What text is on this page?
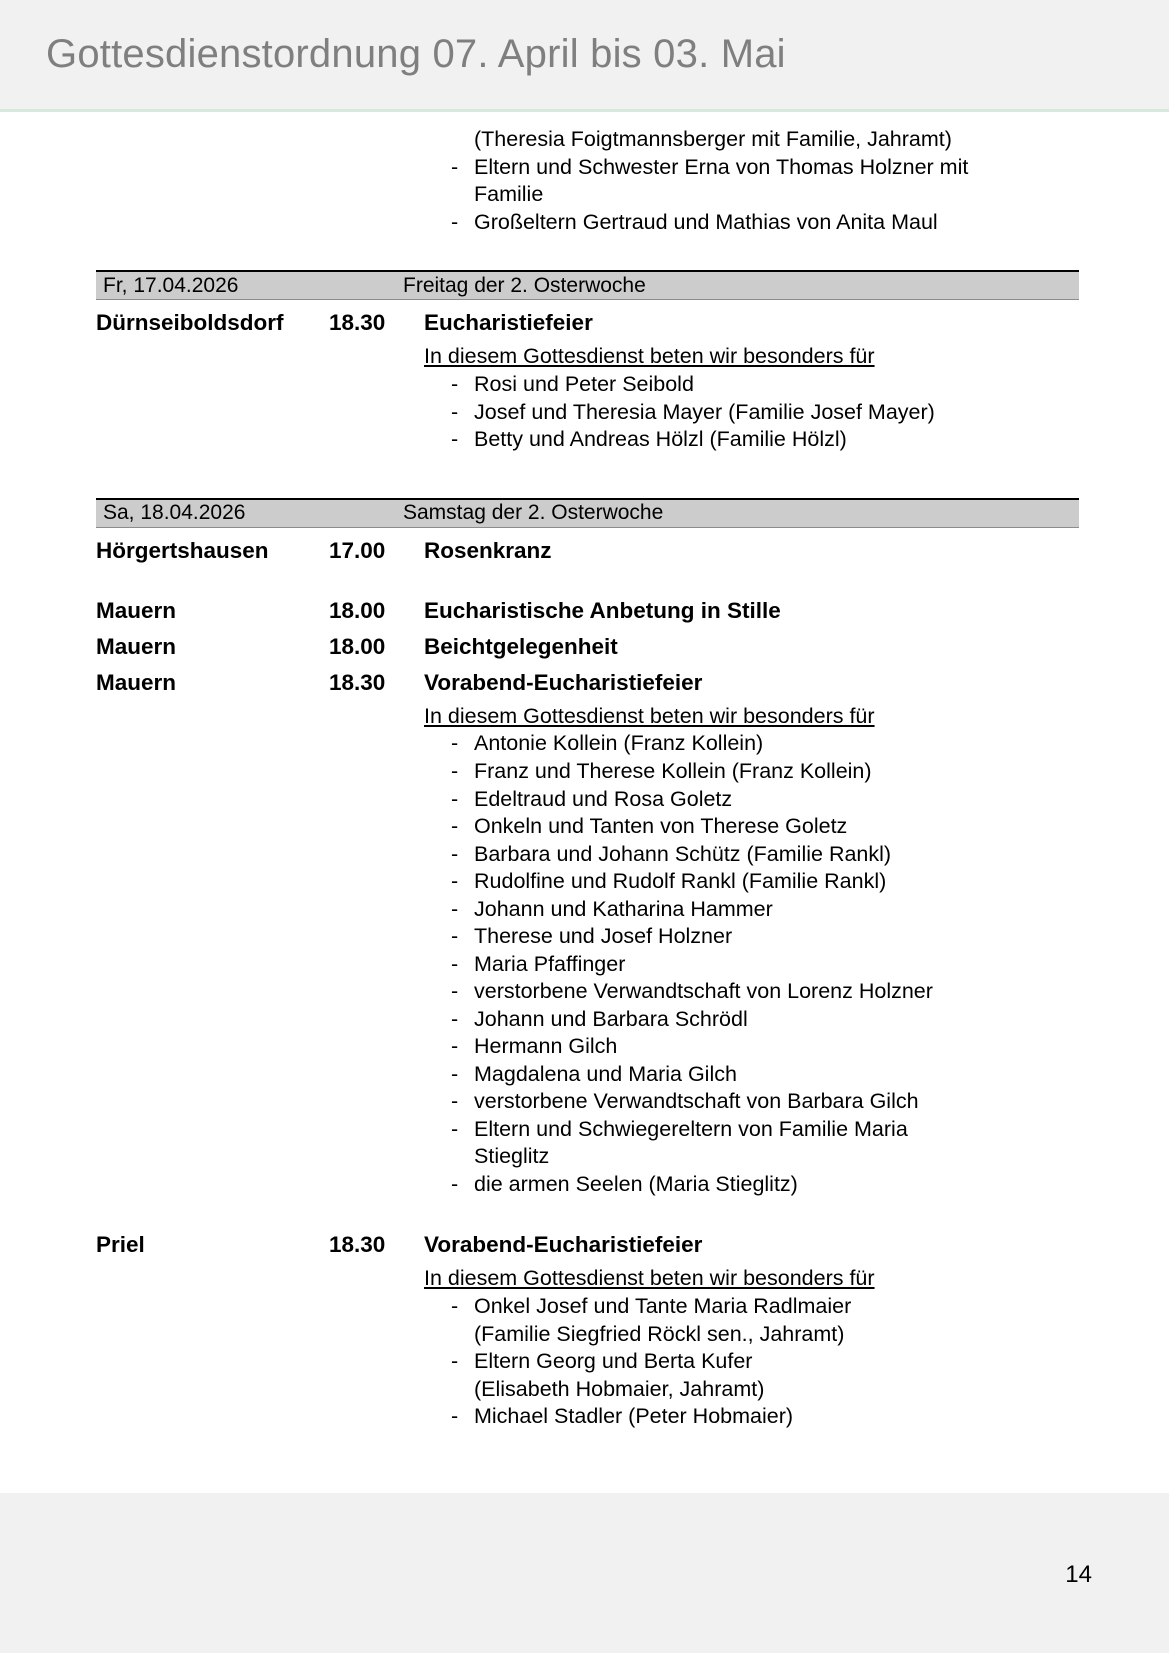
Gottesdienstordnung 07. April bis 03. Mai
(Theresia Foigtmannsberger mit Familie, Jahramt)
- Eltern und Schwester Erna von Thomas Holzner mit
Familie
- Großeltern Gertraud und Mathias von Anita Maul
Fr, 17.04.2026	Freitag der 2. Osterwoche
Dürnseiboldsdorf	18.30	Eucharistiefeier
In diesem Gottesdienst beten wir besonders für
- Rosi und Peter Seibold
- Josef und Theresia Mayer (Familie Josef Mayer)
- Betty und Andreas Hölzl (Familie Hölzl)
Sa, 18.04.2026	Samstag der 2. Osterwoche
Hörgertshausen	17.00	Rosenkranz
Mauern	18.00	Eucharistische Anbetung in Stille
Mauern	18.00	Beichtgelegenheit
Mauern	18.30	Vorabend-Eucharistiefeier
In diesem Gottesdienst beten wir besonders für
- Antonie Kollein (Franz Kollein)
- Franz und Therese Kollein (Franz Kollein)
- Edeltraud und Rosa Goletz
- Onkeln und Tanten von Therese Goletz
- Barbara und Johann Schütz (Familie Rankl)
- Rudolfine und Rudolf Rankl (Familie Rankl)
- Johann und Katharina Hammer
- Therese und Josef Holzner
- Maria Pfaffinger
- verstorbene Verwandtschaft von Lorenz Holzner
- Johann und Barbara Schrödl
- Hermann Gilch
- Magdalena und Maria Gilch
- verstorbene Verwandtschaft von Barbara Gilch
- Eltern und Schwiegereltern von Familie Maria
Stieglitz
- die armen Seelen (Maria Stieglitz)
Priel	18.30	Vorabend-Eucharistiefeier
In diesem Gottesdienst beten wir besonders für
- Onkel Josef und Tante Maria Radlmaier
(Familie Siegfried Röckl sen., Jahramt)
- Eltern Georg und Berta Kufer
(Elisabeth Hobmaier, Jahramt)
- Michael Stadler (Peter Hobmaier)
14
